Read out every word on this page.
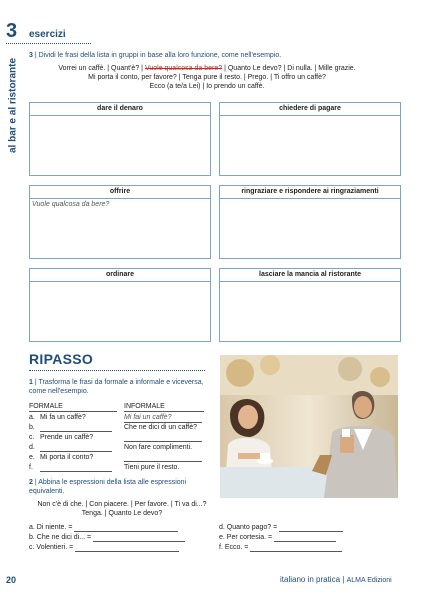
3 esercizi
al bar e al ristorante
3 | Dividi le frasi della lista in gruppi in base alla loro funzione, come nell'esempio.
Vorrei un caffè. | Quant'è? | Vuole qualcosa da bere? | Quanto Le devo? | Di nulla. | Mille grazie.
Mi porta il conto, per favore? | Tenga pure il resto. | Prego. | Ti offro un caffè?
Ecco (a te/a Lei) | Io prendo un caffè.
dare il denaro	chiedere di pagare
offrire
Vuole qualcosa da bere?
ringraziare e rispondere ai ringraziamenti
ordinare	lasciare la mancia al ristorante
RIPASSO
1 | Trasforma le frasi da formale a informale e viceversa,
come nell'esempio.
FORMALE	INFORMALE
a. Mi fa un caffè?	Mi fai un caffè?
b.	Che ne dici di un caffè?
c. Prende un caffè?
d.	Non fare complimenti.
e. Mi porta il conto?
f.	Tieni pure il resto.
2 | Abbina le espressioni della lista alle espressioni
equivalenti.
Non c'è di che. | Con piacere. | Per favore. | Ti va di...?
Tenga. | Quanto Le devo?
a. Di niente. =
b. Che ne dici di... =
c. Volentieri. =
d. Quanto pago? =
e. Per cortesia. =
f. Ecco. =
20	italiano in pratica | ALMA Edizioni
